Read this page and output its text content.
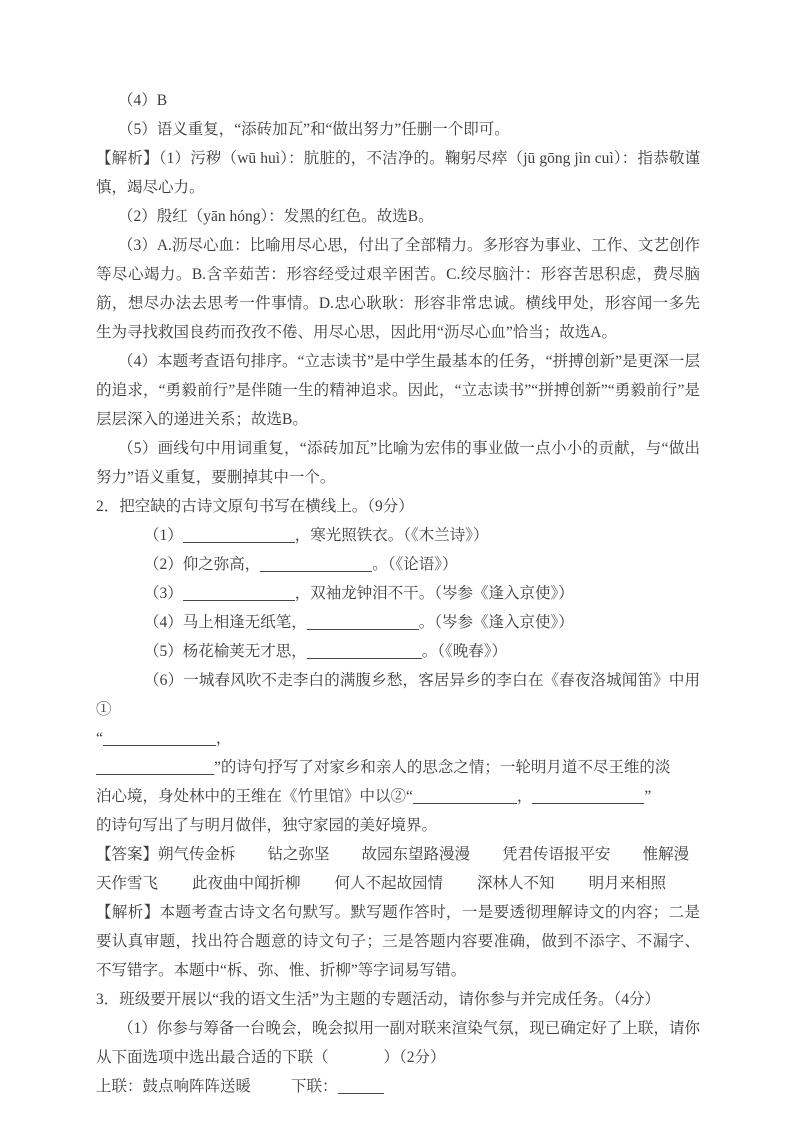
（4）B

（5）语义重复，“添砖加瓦”和“做出努力”任删一个即可。

【解析】（1）污秽（wū huì）：肮脏的，不洁净的。鞠躬尽瘁（jū gōng jìn cuì）：指恭敬谨慎，竭尽心力。

（2）殷红（yān hóng）：发黑的红色。故选B。

（3）A.沥尽心血：比喻用尽心思，付出了全部精力。多形容为事业、工作、文艺创作等尽心竭力。B.含辛茹苦：形容经受过艰辛困苦。C.绞尽脑汁：形容苦思积虑，费尽脑筋，想尽办法去思考一件事情。D.忠心耿耿：形容非常忠诚。横线甲处，形容闻一多先生为寻找救国良药而孜孜不倦、用尽心思，因此用“沥尽心血”恰当；故选A。

（4）本题考查语句排序。“立志读书”是中学生最基本的任务，“拼搏创新”是更深一层的追求，“勇毅前行”是伴随一生的精神追求。因此，“立志读书”“拼搏创新”“勇毅前行”是层层深入的递进关系；故选B。

（5）画线句中用词重复，“添砖加瓦”比喻为宏伟的事业做一点小小的贡献，与“做出努力”语义重复，要删掉其中一个。

2．把空缺的古诗文原句书写在横线上。（9分）

（1）	，寒光照铁衣。（《木兰诗》）

（2）仰之弥高，	。（《论语》）

（3）	，双袖龙钟泪不干。（岑参《逢入京使》）

（4）马上相逢无纸笔，	。（岑参《逢入京使》）

（5）杨花榆荚无才思，	。（《晚春》）

（6）一城春风吹不走李白的满腹乡愁，客居异乡的李白在《春夜洛城闻笛》中用①

“	，

”的诗句抒写了对家乡和亲人的思念之情；一轮明月道不尽王维的淡

泊心境，身处林中的王维在《竹里馆》中以②“	，	”

的诗句写出了与明月做伴，独守家园的美好境界。

【答案】朔气传金柝 钻之弥坚 故园东望路漫漫 凭君传语报平安 惟解漫

天作雪飞 此夜曲中闻折柳 何人不起故园情 深林人不知 明月来相照

【解析】本题考查古诗文名句默写。默写题作答时，一是要透彻理解诗文的内容；二是要认真审题，找出符合题意的诗文句子；三是答题内容要准确，做到不添字、不漏字、不写错字。本题中“柝、弥、惟、折柳”等字词易写错。

3．班级要开展以“我的语文生活”为主题的专题活动，请你参与并完成任务。（4分）

（1）你参与筹备一台晚会，晚会拟用一副对联来渲染气氛，现已确定好了上联，请你从下面选项中选出最合适的下联（	）（2分）

上联：鼓点响阵阵送暖	下联：
